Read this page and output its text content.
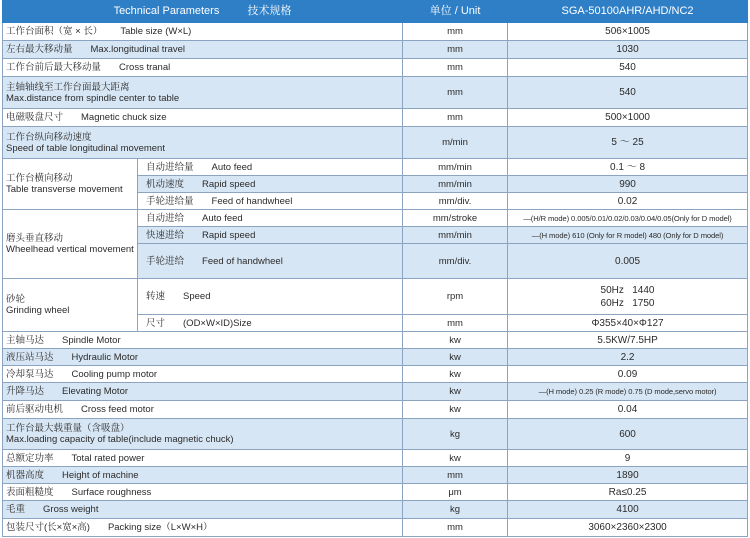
Technical Parameters 技术规格		单位 / Unit	SGA-50100AHR/AHD/NC2
工作台面积（宽 × 长） Table size (W×L)		mm	506×1005
左右最大移动量 Max.longitudinal travel		mm	1030
工作台前后最大移动量 Cross tranal		mm	540

主轴轴线至工作台面最大距离
Max.distance from spindle center to table		mm	540
电磁吸盘尺寸 Magnetic chuck size		mm	500×1000

工作台纵向移动速度
Speed of table longitudinal movement		m/min	5 ～ 25

工作台横向移动
Table transverse movement	自动进给量 Auto feed	mm/min	0.1 ～ 8
	机动速度 Rapid speed	mm/min	990
	手轮进给量 Feed of handwheel	mm/div.	0.02

磨头垂直移动
Wheelhead vertical movement	自动进给 Auto feed	mm/stroke	—(H/R mode) 0.005/0.01/0.02/0.03/0.04/0.05(Only for D model)
	快速进给 Rapid speed	mm/min	—(H mode) 610 (Only for R model) 480 (Only for D model)
	手轮进给 Feed of handwheel	mm/div.	0.005

砂轮
Grinding wheel	转速 Speed	rpm	50Hz 1440
60Hz 1750
	尺寸 (OD×W×ID)Size	mm	Φ355×40×Φ127
主轴马达 Spindle Motor		kw	5.5KW/7.5HP
液压站马达 Hydraulic Motor		kw	2.2
冷却泵马达 Cooling pump motor		kw	0.09
升降马达 Elevating Motor		kw	—(H mode) 0.25 (R mode) 0.75 (D mode,servo motor)
前后驱动电机 Cross feed motor		kw	0.04

工作台最大载重量（含吸盘）
Max.loading capacity of table(include magnetic chuck)		kg	600
总额定功率 Total rated power		kw	9
机器高度 Height of machine		mm	1890
表面粗糙度 Surface roughness		μm	Ra≤0.25
毛重 Gross weight		kg	4100
包装尺寸(长×宽×高) Packing size（L×W×H）		mm	3060×2360×2300
